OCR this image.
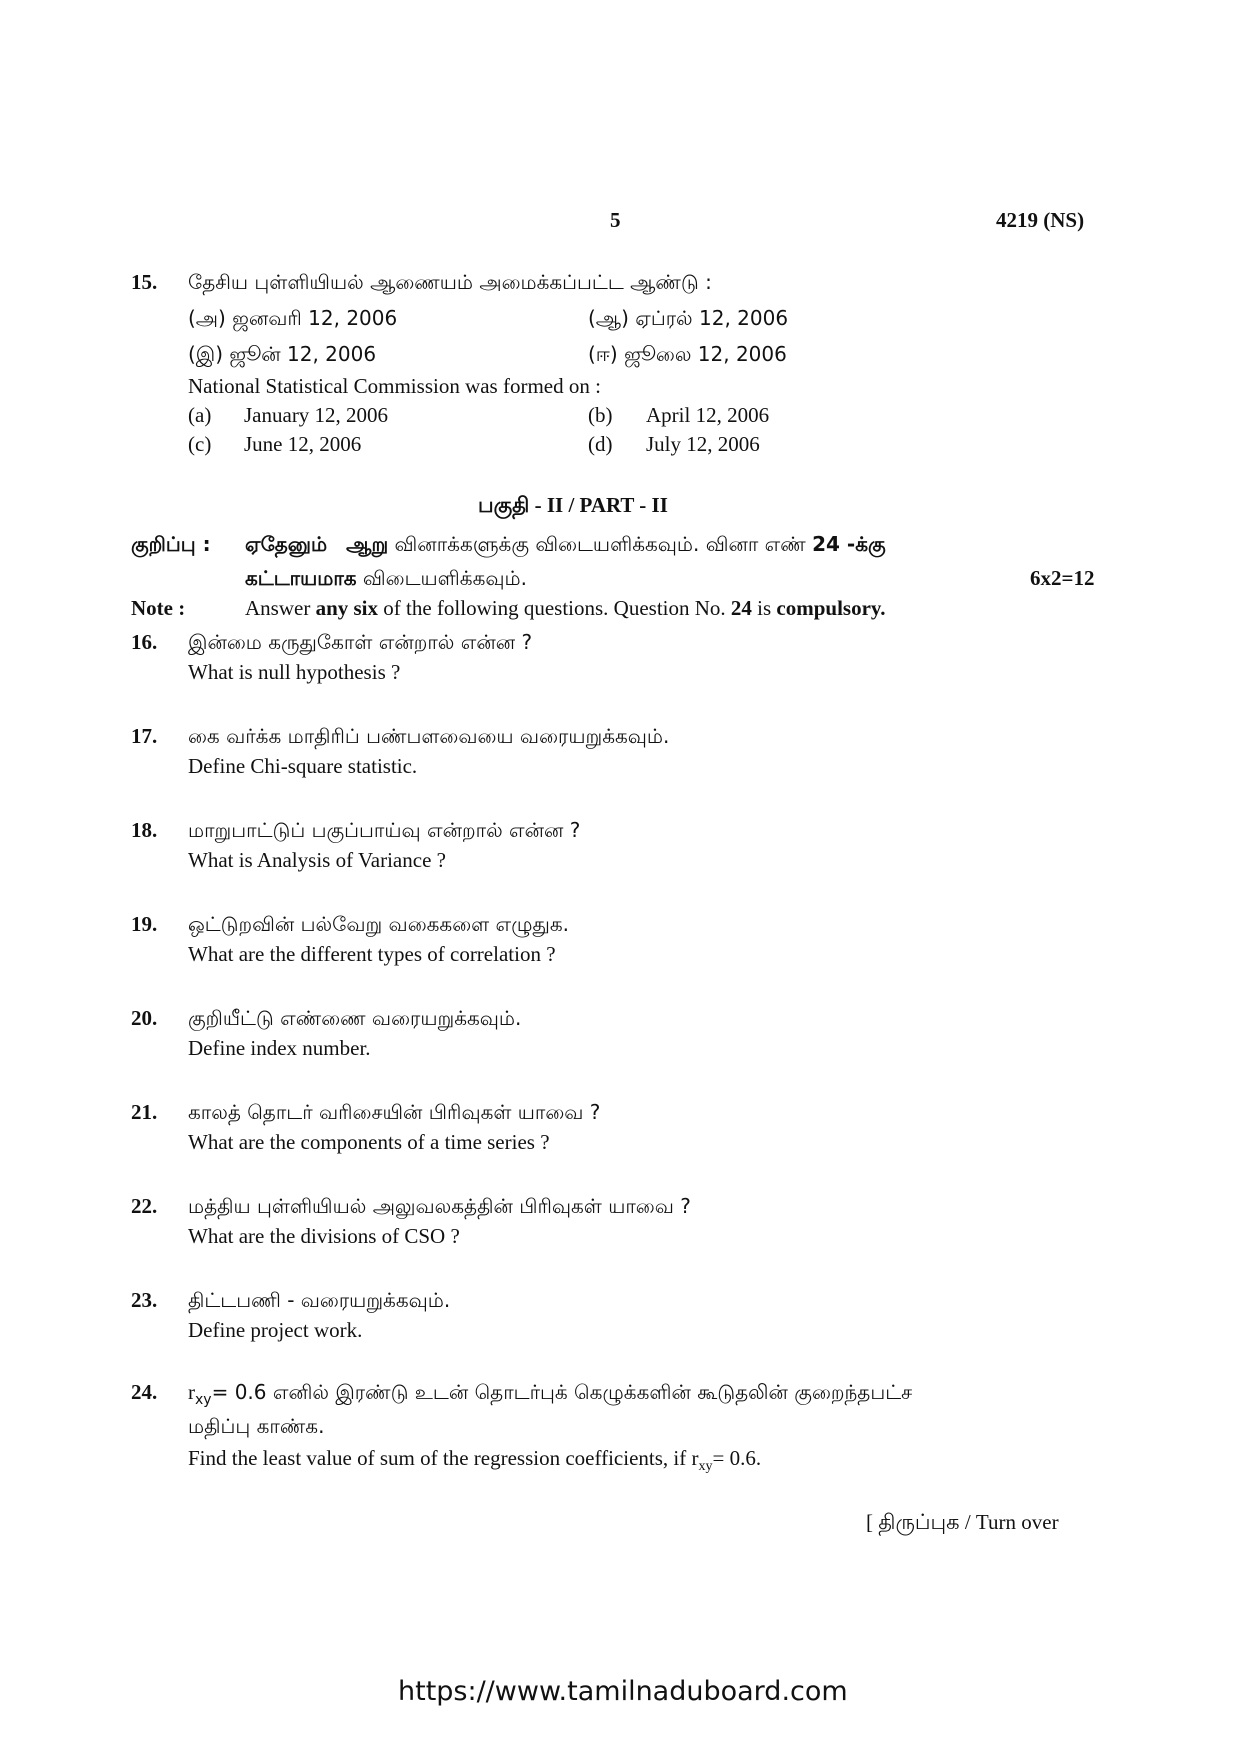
5	4219 (NS)
15. தேசிய புள்ளியியல் ஆணையம் அமைக்கப்பட்ட ஆண்டு :
(அ) ஜனவரி 12, 2006	(ஆ) ஏப்ரல் 12, 2006
(இ) ஜூன் 12, 2006	(ஈ) ஜூலை 12, 2006
National Statistical Commission was formed on :
(a) January 12, 2006	(b) April 12, 2006
(c) June 12, 2006	(d) July 12, 2006
பகுதி - II / PART - II
குறிப்பு : ஏதேனும் ஆறு வினாக்களுக்கு விடையளிக்கவும். வினா எண் 24 -க்கு
கட்டாயமாக விடையளிக்கவும்.	6x2=12
Note :	Answer any six of the following questions. Question No. 24 is compulsory.
16. இன்மை கருதுகோள் என்றால் என்ன ?
What is null hypothesis ?
17. கை வர்க்க மாதிரிப் பண்பளவையை வரையறுக்கவும்.
Define Chi-square statistic.
18. மாறுபாட்டுப் பகுப்பாய்வு என்றால் என்ன ?
What is Analysis of Variance ?
19. ஒட்டுறவின் பல்வேறு வகைகளை எழுதுக.
What are the different types of correlation ?
20. குறியீட்டு எண்ணை வரையறுக்கவும்.
Define index number.
21. காலத் தொடர் வரிசையின் பிரிவுகள் யாவை ?
What are the components of a time series ?
22. மத்திய புள்ளியியல் அலுவலகத்தின் பிரிவுகள் யாவை ?
What are the divisions of CSO ?
23. திட்டபணி - வரையறுக்கவும்.
Define project work.
24. $r_{xy}= 0.6$ எனில் இரண்டு உடன் தொடர்புக் கெழுக்களின் கூடுதலின் குறைந்தபட்ச
மதிப்பு காண்க.
Find the least value of sum of the regression coefficients, if $r_{xy}= 0.6$.
[ திருப்புக / Turn over
https://www.tamilnaduboard.com
